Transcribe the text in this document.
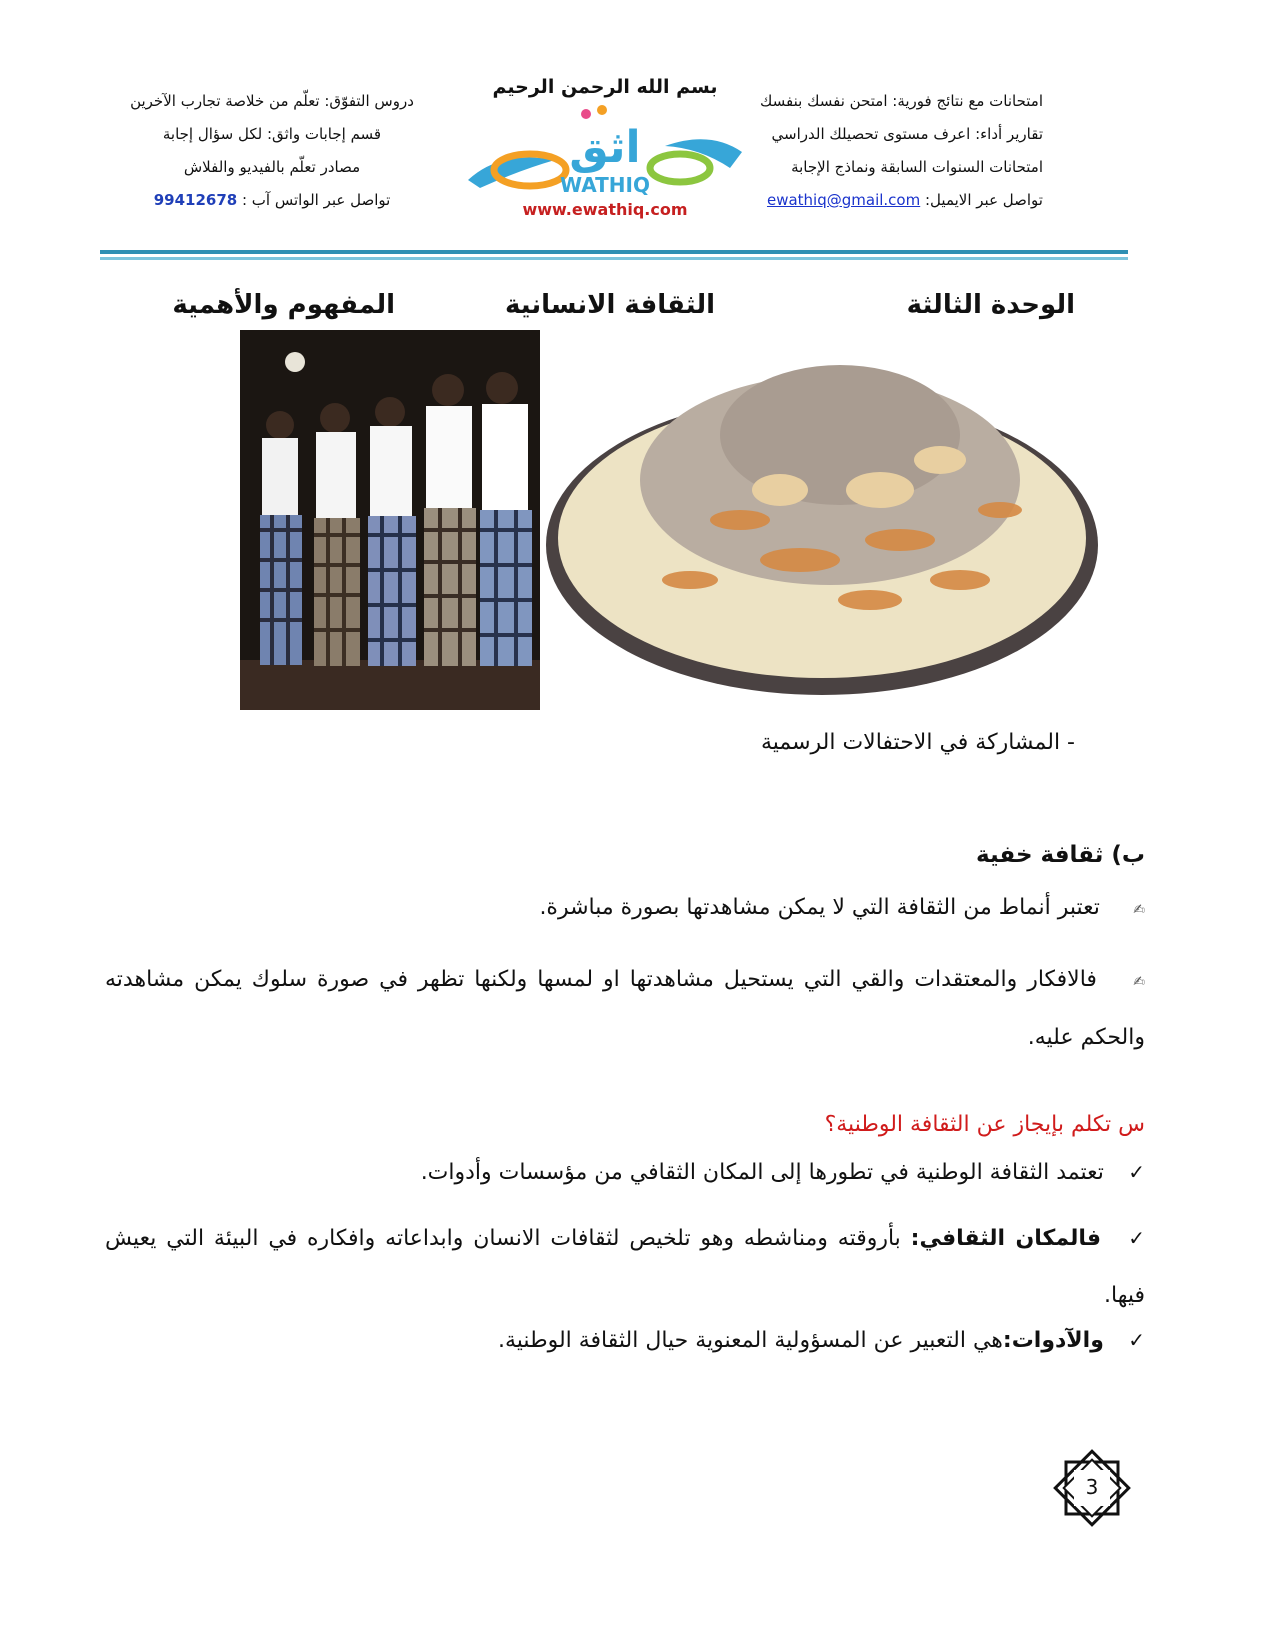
امتحانات مع نتائج فورية: امتحن نفسك بنفسك
تقارير أداء: اعرف مستوى تحصيلك الدراسي
امتحانات السنوات السابقة ونماذج الإجابة
تواصل عبر الايميل: ewathiq@gmail.com
بسم الله الرحمن الرحيم
اثق
WATHIQ
www.ewathiq.com
دروس التفوّق: تعلّم من خلاصة تجارب الآخرين
قسم إجابات واثق: لكل سؤال إجابة
مصادر تعلّم بالفيديو والفلاش
تواصل عبر الواتس آب : 99412678
الوحدة الثالثة
الثقافة الانسانية
المفهوم والأهمية
- المشاركة في الاحتفالات الرسمية
ب) ثقافة خفية
✍ تعتبر أنماط من الثقافة التي لا يمكن مشاهدتها بصورة مباشرة.
✍ فالافكار والمعتقدات والقي التي يستحيل مشاهدتها او لمسها ولكنها تظهر في صورة سلوك يمكن مشاهدته والحكم عليه.
س تكلم بإيجاز عن الثقافة الوطنية؟
✓ تعتمد الثقافة الوطنية في تطورها إلى المكان الثقافي من مؤسسات وأدوات.
✓ فالمكان الثقافي: بأروقته ومناشطه وهو تلخيص لثقافات الانسان وابداعاته وافكاره في البيئة التي يعيش فيها.
✓ والآدوات:هي التعبير عن المسؤولية المعنوية حيال الثقافة الوطنية.
3
